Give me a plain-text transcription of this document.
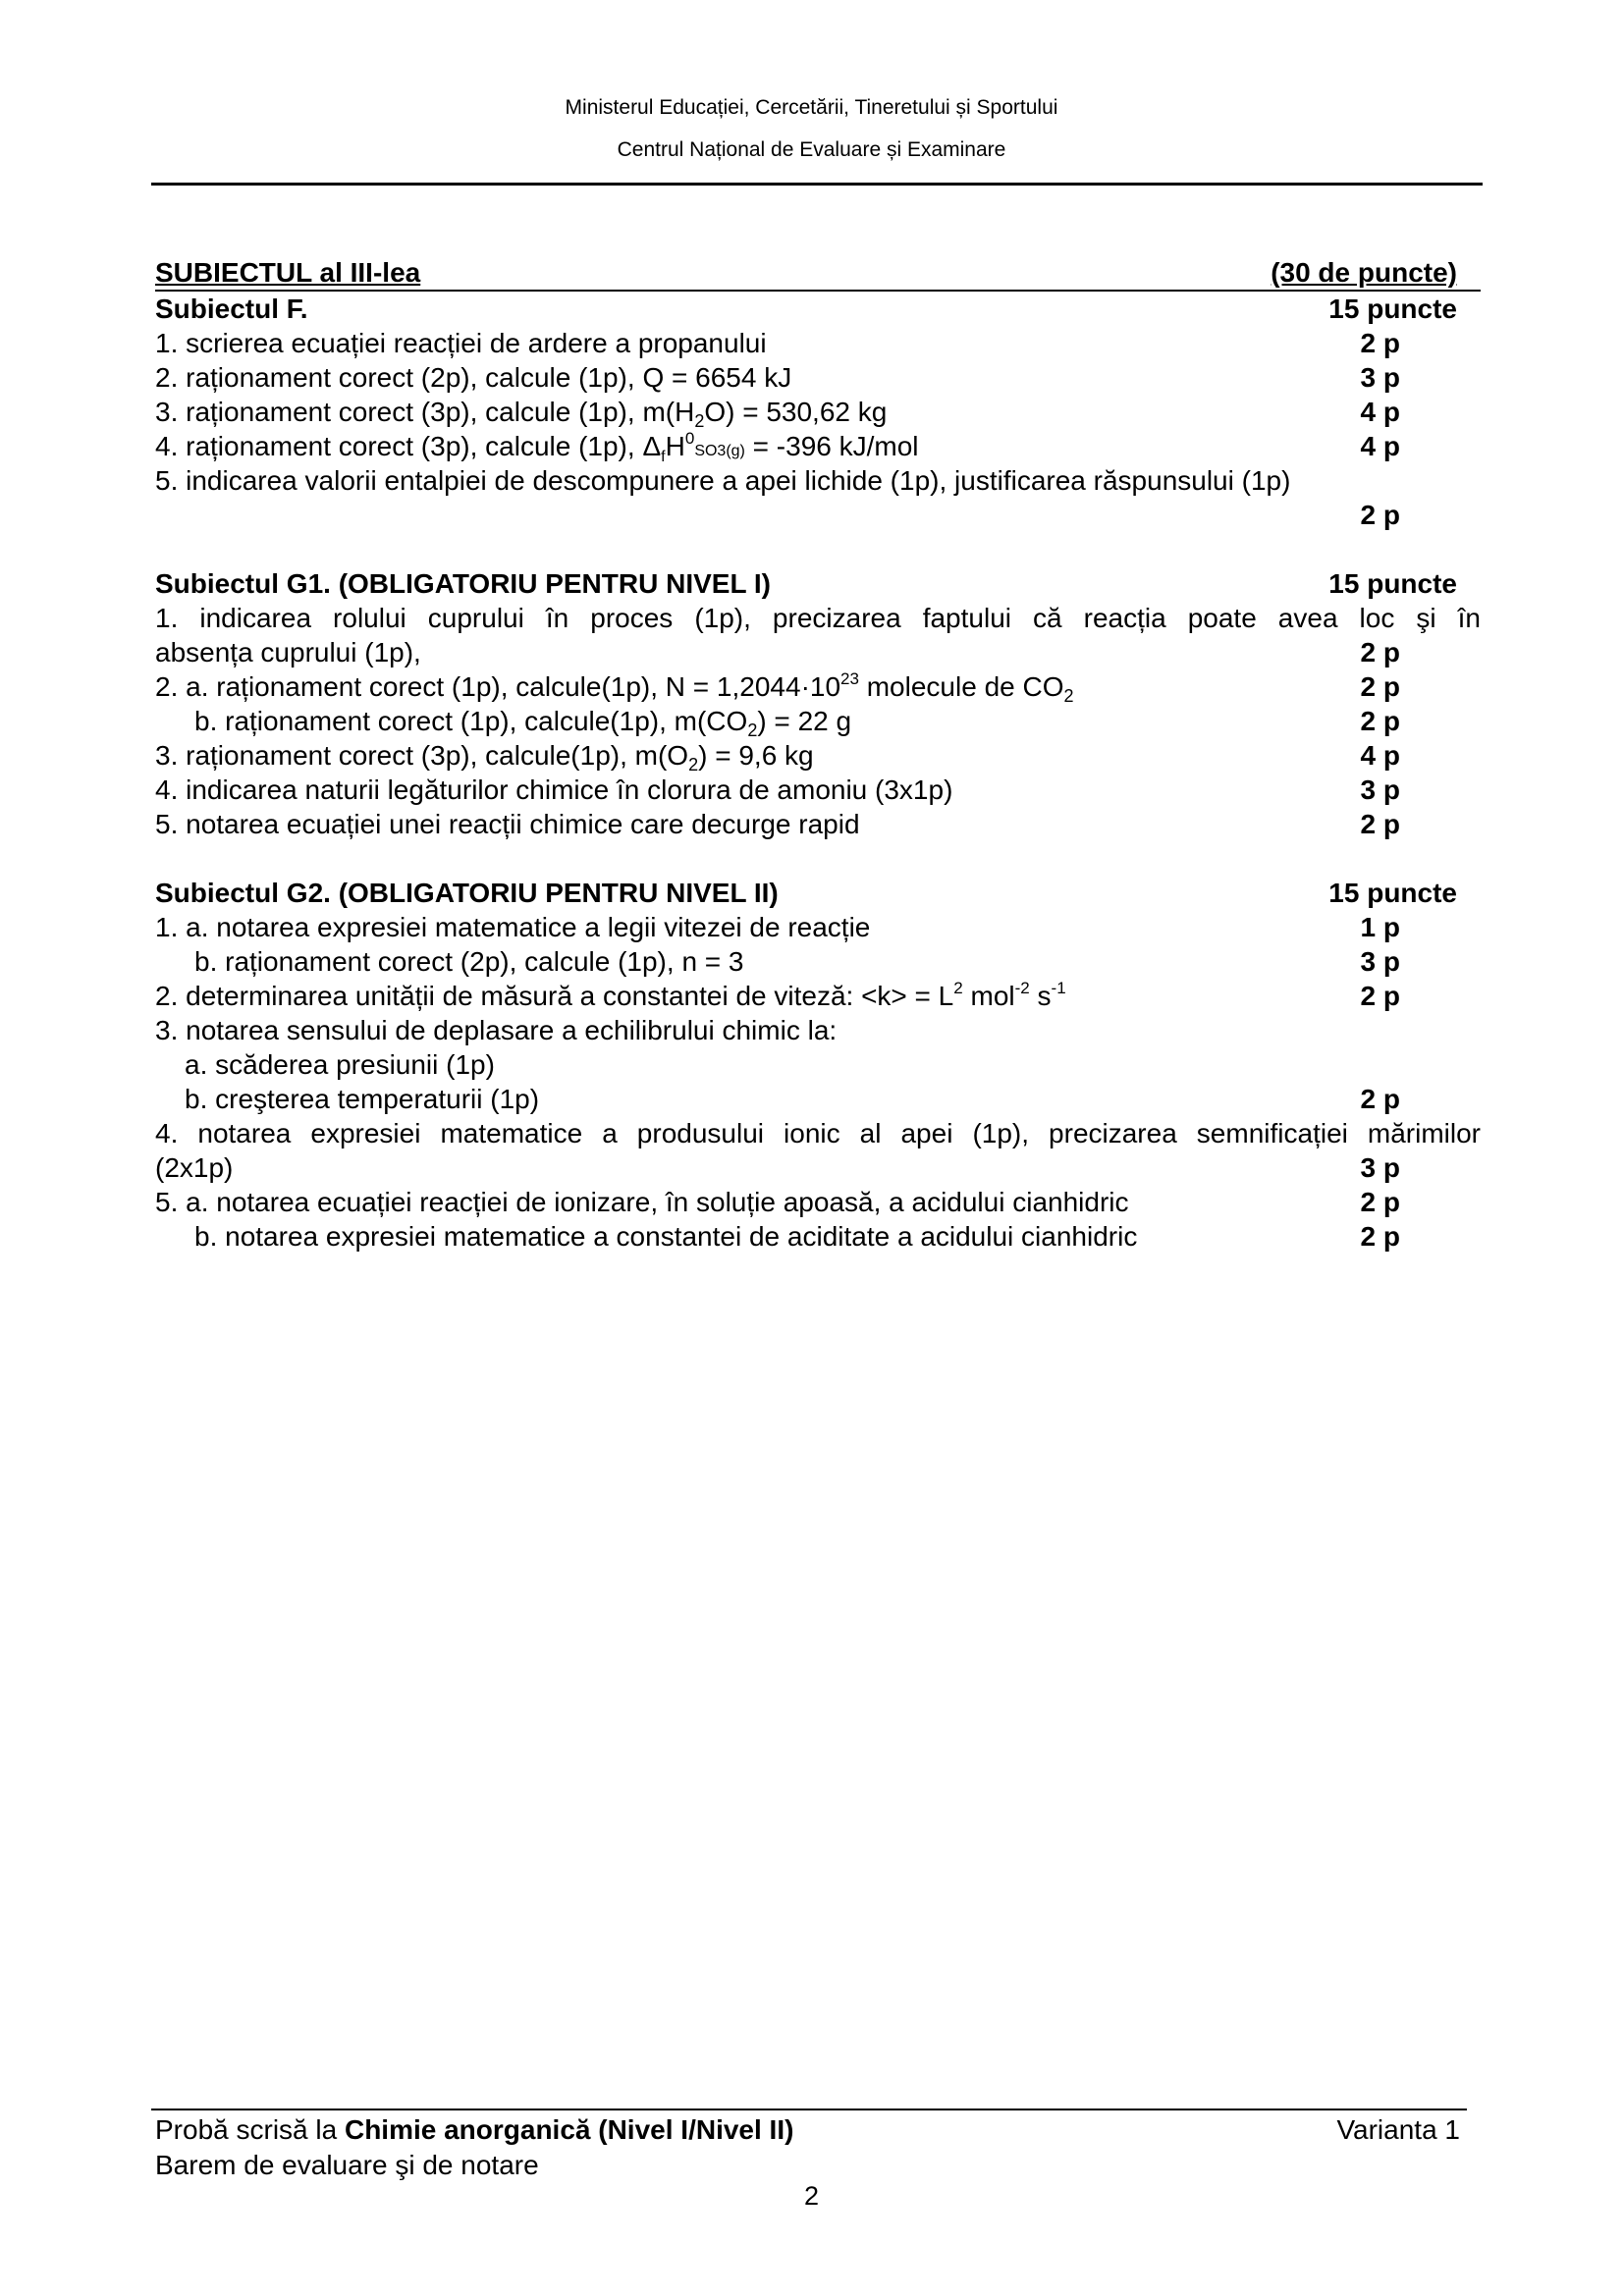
Ministerul Educației, Cercetării, Tineretului și Sportului
Centrul Național de Evaluare și Examinare
SUBIECTUL al III-lea	(30 de puncte)
Subiectul F.	15 puncte
1. scrierea ecuației reacției de ardere a propanului	2 p
2. raționament corect (2p), calcule (1p), Q = 6654 kJ	3 p
3. raționament corect (3p), calcule (1p), $m(H_2O) = 530,62$ kg	4 p
4. raționament corect (3p), calcule (1p), $\Delta_fH^0SO3(g) = -396$ kJ/mol	4 p
5. indicarea valorii entalpiei de descompunere a apei lichide (1p), justificarea răspunsului (1p)
2 p
Subiectul G1. (OBLIGATORIU PENTRU NIVEL I)	15 puncte
1. indicarea rolului cuprului în proces (1p), precizarea faptului că reacția poate avea loc şi în
absența cuprului (1p),	2 p
2. a. raționament corect (1p), calcule(1p), $N = 1,2044\cdot 10^{23}$ molecule de $CO_2$	2 p
b. raționament corect (1p), calcule(1p), $m(CO_2) = 22$ g	2 p
3. raționament corect (3p), calcule(1p), $m(O_2) = 9,6$ kg	4 p
4. indicarea naturii legăturilor chimice în clorura de amoniu (3x1p)	3 p
5. notarea ecuației unei reacții chimice care decurge rapid	2 p
Subiectul G2. (OBLIGATORIU PENTRU NIVEL II)	15 puncte
1. a. notarea expresiei matematice a legii vitezei de reacție	1 p
b. raționament corect (2p), calcule (1p), n = 3	3 p
2. determinarea unității de măsură a constantei de viteză: $<k> = L^2$ mol$^{-2}$ $s^{-1}$	2 p
3. notarea sensului de deplasare a echilibrului chimic la:
a. scăderea presiunii (1p)
b. creşterea temperaturii (1p)	2 p
4. notarea expresiei matematice a produsului ionic al apei (1p), precizarea semnificației mărimilor
(2x1p)	3 p
5. a. notarea ecuației reacției de ionizare, în soluție apoasă, a acidului cianhidric	2 p
b. notarea expresiei matematice a constantei de aciditate a acidului cianhidric	2 p
Probă scrisă la Chimie anorganică (Nivel I/Nivel II)	Varianta 1
Barem de evaluare şi de notare
2
